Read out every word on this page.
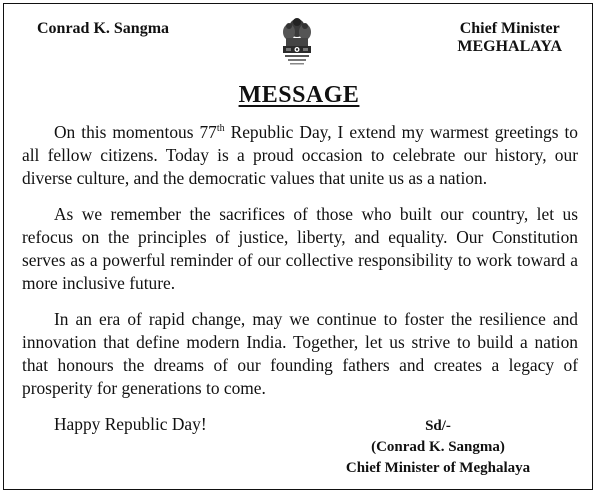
Conrad K. Sangma	Chief Minister
MEGHALAYA
MESSAGE

On this momentous 77th Republic Day, I extend my warmest greetings to all fellow citizens. Today is a proud occasion to celebrate our history, our diverse culture, and the democratic values that unite us as a nation.

As we remember the sacrifices of those who built our country, let us refocus on the principles of justice, liberty, and equality. Our Constitution serves as a powerful reminder of our collective responsibility to work toward a more inclusive future.

In an era of rapid change, may we continue to foster the resilience and innovation that define modern India. Together, let us strive to build a nation that honours the dreams of our founding fathers and creates a legacy of prosperity for generations to come.

Happy Republic Day!	Sd/-
(Conrad K. Sangma)
Chief Minister of Meghalaya
